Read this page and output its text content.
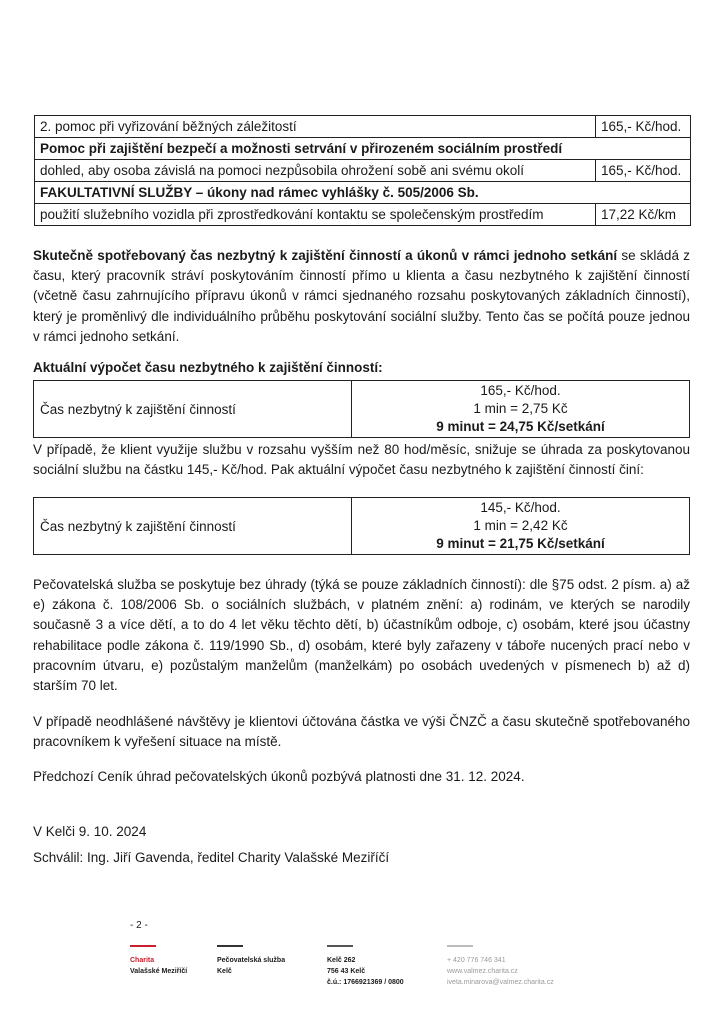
2. pomoc při vyřizování běžných záležitostí	165,- Kč/hod.
Pomoc při zajištění bezpečí a možnosti setrvání v přirozeném sociálním prostředí	
dohled, aby osoba závislá na pomoci nezpůsobila ohrožení sobě ani svému okolí	165,- Kč/hod.
FAKULTATIVNÍ SLUŽBY – úkony nad rámec vyhlášky č. 505/2006 Sb.	
použití služebního vozidla při zprostředkování kontaktu se společenským prostředím	17,22 Kč/km

Skutečně spotřebovaný čas nezbytný k zajištění činností a úkonů v rámci jednoho setkání se skládá z času, který pracovník stráví poskytováním činností přímo u klienta a času nezbytného k zajištění činností (včetně času zahrnujícího přípravu úkonů v rámci sjednaného rozsahu poskytovaných základních činností), který je proměnlivý dle individuálního průběhu poskytování sociální služby. Tento čas se počítá pouze jednou v rámci jednoho setkání.

Aktuální výpočet času nezbytného k zajištění činností:

Čas nezbytný k zajištění činností	
165,- Kč/hod.
1 min = 2,75 Kč
9 minut = 24,75 Kč/setkání

V případě, že klient využije službu v rozsahu vyšším než 80 hod/měsíc, snižuje se úhrada za poskytovanou sociální službu na částku 145,- Kč/hod. Pak aktuální výpočet času nezbytného k zajištění činností činí:

Čas nezbytný k zajištění činností	
145,- Kč/hod.
1 min = 2,42 Kč
9 minut = 21,75 Kč/setkání

Pečovatelská služba se poskytuje bez úhrady (týká se pouze základních činností): dle §75 odst. 2 písm. a) až e) zákona č. 108/2006 Sb. o sociálních službách, v platném znění: a) rodinám, ve kterých se narodily současně 3 a více dětí, a to do 4 let věku těchto dětí, b) účastníkům odboje, c) osobám, které jsou účastny rehabilitace podle zákona č. 119/1990 Sb., d) osobám, které byly zařazeny v táboře nucených prací nebo v pracovním útvaru, e) pozůstalým manželům (manželkám) po osobách uvedených v písmenech b) až d) starším 70 let.

V případě neodhlášené návštěvy je klientovi účtována částka ve výši ČNZČ a času skutečně spotřebovaného pracovníkem k vyřešení situace na místě.

Předchozí Ceník úhrad pečovatelských úkonů pozbývá platnosti dne 31. 12. 2024.

V Kelči 9. 10. 2024

Schválil: Ing. Jiří Gavenda, ředitel Charity Valašské Meziříčí

- 2 -
Charita
Valašské Meziříčí
Pečovatelská služba
Kelč
Kelč 262
756 43 Kelč
č.ú.: 1766921369 / 0800
+ 420 776 746 341
www.valmez.charita.cz
iveta.minarova@valmez.charita.cz
